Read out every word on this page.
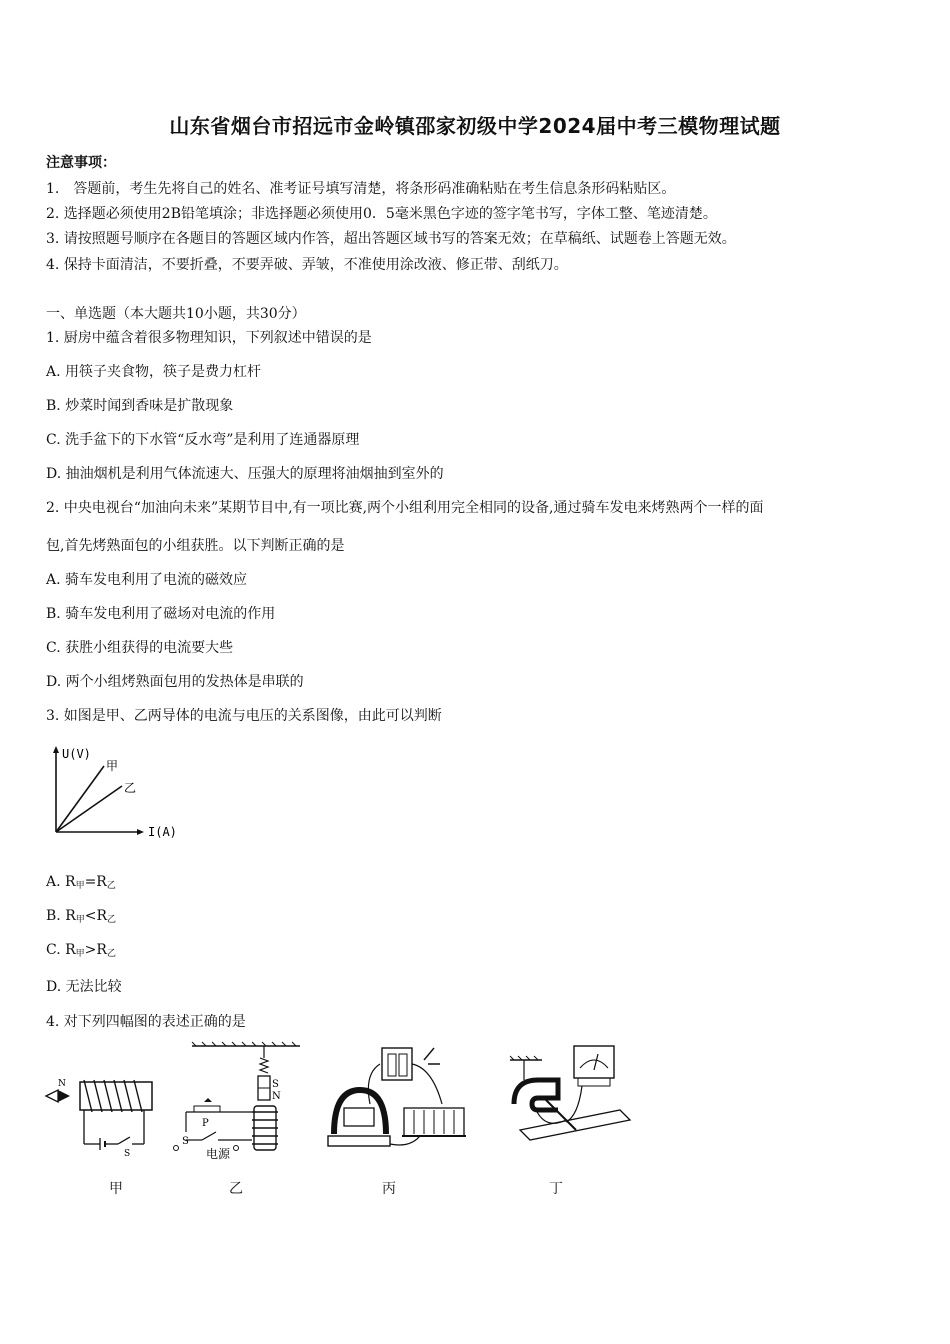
山东省烟台市招远市金岭镇邵家初级中学2024届中考三模物理试题
注意事项：
1.　答题前，考生先将自己的姓名、准考证号填写清楚，将条形码准确粘贴在考生信息条形码粘贴区。
2. 选择题必须使用2B铅笔填涂；非选择题必须使用0．5毫米黑色字迹的签字笔书写，字体工整、笔迹清楚。
3. 请按照题号顺序在各题目的答题区域内作答，超出答题区域书写的答案无效；在草稿纸、试题卷上答题无效。
4. 保持卡面清洁，不要折叠，不要弄破、弄皱，不准使用涂改液、修正带、刮纸刀。
一、单选题（本大题共10小题，共30分）
1. 厨房中蕴含着很多物理知识，下列叙述中错误的是
A. 用筷子夹食物，筷子是费力杠杆
B. 炒菜时闻到香味是扩散现象
C. 洗手盆下的下水管“反水弯”是利用了连通器原理
D. 抽油烟机是利用气体流速大、压强大的原理将油烟抽到室外的
2. 中央电视台“加油向未来”某期节目中,有一项比赛,两个小组利用完全相同的设备,通过骑车发电来烤熟两个一样的面
包,首先烤熟面包的小组获胜。以下判断正确的是
A. 骑车发电利用了电流的磁效应
B. 骑车发电利用了磁场对电流的作用
C. 获胜小组获得的电流要大些
D. 两个小组烤熟面包用的发热体是串联的
3. 如图是甲、乙两导体的电流与电压的关系图像，由此可以判断
U(V)
I(A)
甲
乙
A. $R_甲=R_乙$
B. $R_甲<R_乙$
C. $R_甲>R_乙$
D. 无法比较
4. 对下列四幅图的表述正确的是
N
S
S
N
P
S
电源
甲	乙	丙	丁
